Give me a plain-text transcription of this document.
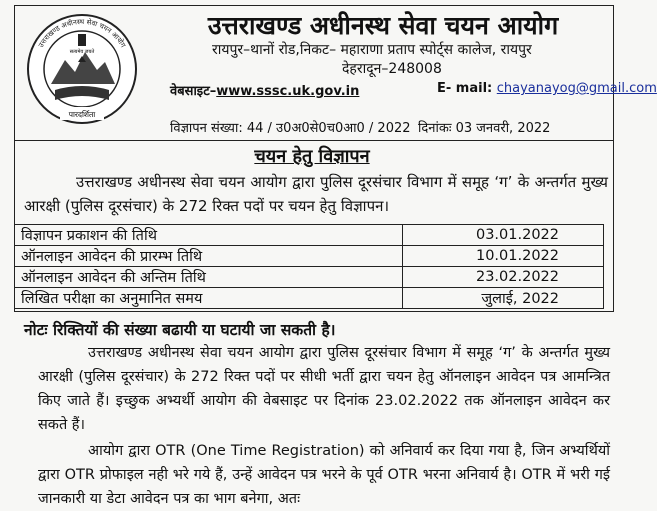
सत्यमेव जयते
उत्तराखण्ड अधीनस्थ सेवा चयन आयोग
पारदर्शिता
उत्तराखण्ड अधीनस्थ सेवा चयन आयोग
रायपुर–थानों रोड,निकट– महाराणा प्रताप स्पोर्ट्स कालेज, रायपुर
देहरादून–248008
वेबसाइट–www.sssc.uk.gov.in	E- mail: chayanayog@gmail.com
विज्ञापन संख्या: 44 / उ0अ0से0च0आ0 / 2022 दिनांकः 03 जनवरी, 2022
चयन हेतु विज्ञापन
उत्तराखण्ड अधीनस्थ सेवा चयन आयोग द्वारा पुलिस दूरसंचार विभाग में समूह ‘ग’ के अन्तर्गत मुख्य आरक्षी (पुलिस दूरसंचार) के 272 रिक्त पदों पर चयन हेतु विज्ञापन।
विज्ञापन प्रकाशन की तिथि	03.01.2022
ऑनलाइन आवेदन की प्रारम्भ तिथि	10.01.2022
ऑनलाइन आवेदन की अन्तिम तिथि	23.02.2022
लिखित परीक्षा का अनुमानित समय	जुलाई, 2022
नोटः रिक्तियों की संख्या बढायी या घटायी जा सकती है।
उत्तराखण्ड अधीनस्थ सेवा चयन आयोग द्वारा पुलिस दूरसंचार विभाग में समूह ‘ग’ के अन्तर्गत मुख्य आरक्षी (पुलिस दूरसंचार) के 272 रिक्त पदों पर सीधी भर्ती द्वारा चयन हेतु ऑनलाइन आवेदन पत्र आमन्त्रित किए जाते हैं। इच्छुक अभ्यर्थी आयोग की वेबसाइट पर दिनांक 23.02.2022 तक ऑनलाइन आवेदन कर सकते हैं।
आयोग द्वारा OTR (One Time Registration) को अनिवार्य कर दिया गया है, जिन अभ्यर्थियों द्वारा OTR प्रोफाइल नही भरे गये हैं, उन्हें आवेदन पत्र भरने के पूर्व OTR भरना अनिवार्य है। OTR में भरी गई जानकारी या डेटा आवेदन पत्र का भाग बनेगा, अतः
